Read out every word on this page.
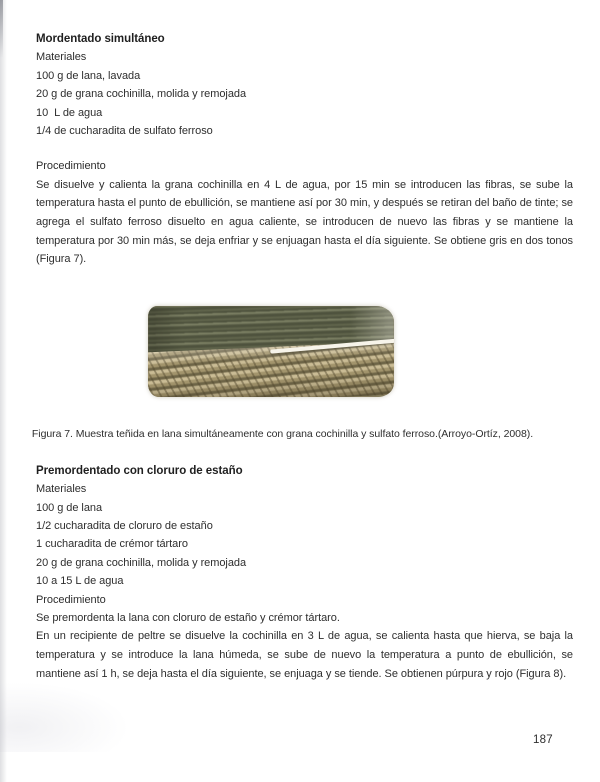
Mordentado simultáneo

Materiales

100 g de lana, lavada

20 g de grana cochinilla, molida y remojada

10  L de agua

1/4 de cucharadita de sulfato ferroso

Procedimiento

Se disuelve y calienta la grana cochinilla en 4 L de agua, por 15 min se introducen las fibras, se sube la temperatura hasta el punto de ebullición, se mantiene así por 30 min, y después se retiran del baño de tinte; se agrega el sulfato ferroso disuelto en agua caliente, se introducen de nuevo las fibras y se mantiene la temperatura por 30 min más, se deja enfriar y se enjuagan hasta el día siguiente. Se obtiene gris en dos tonos (Figura 7).

Figura 7. Muestra teñida en lana simultáneamente con grana cochinilla y sulfato ferroso.(Arroyo-Ortíz, 2008).
Premordentado con cloruro de estaño

Materiales

100 g de lana

1/2 cucharadita de cloruro de estaño

1 cucharadita de crémor tártaro

20 g de grana cochinilla, molida y remojada

10 a 15 L de agua

Procedimiento

Se premordenta la lana con cloruro de estaño y crémor tártaro.

En un recipiente de peltre se disuelve la cochinilla en 3 L de agua, se calienta hasta que hierva, se baja la temperatura y se introduce la lana húmeda, se sube de nuevo la temperatura a punto de ebullición, se mantiene así 1 h, se deja hasta el día siguiente, se enjuaga y se tiende. Se obtienen púrpura y rojo (Figura 8).

187
